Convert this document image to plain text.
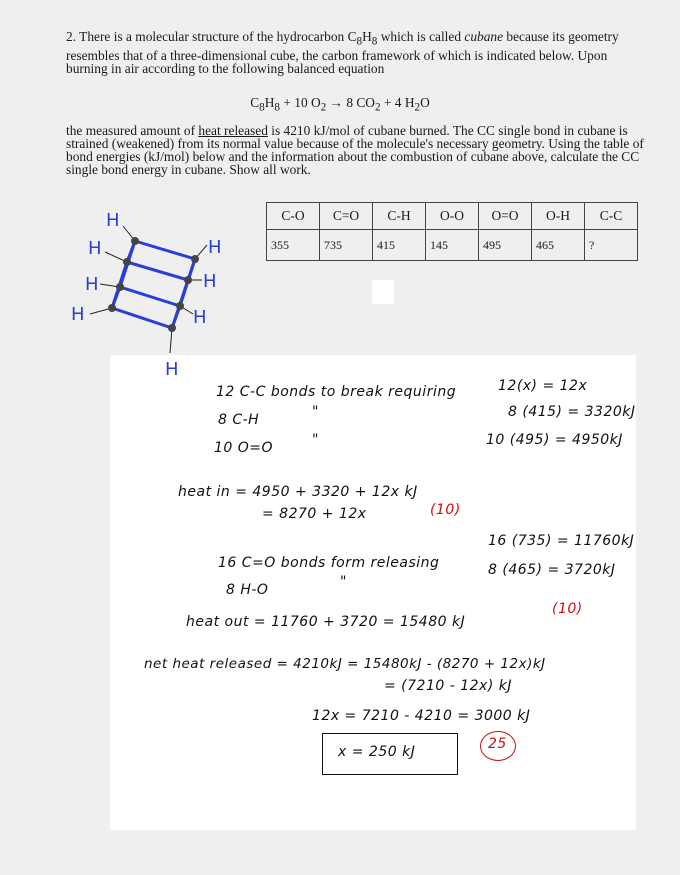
2. There is a molecular structure of the hydrocarbon $C_8H_8$ which is called cubane because its geometry resembles that of a three-dimensional cube, the carbon framework of which is indicated below. Upon burning in air according to the following balanced equation
$C_8H_8 + 10$ $O_2 \to 8$ $CO_2 + 4$ $H_2O$
the measured amount of heat released is 4210 kJ/mol of cubane burned. The CC single bond in cubane is strained (weakened) from its normal value because of the molecule's necessary geometry. Using the table of bond energies (kJ/mol) below and the information about the combustion of cubane above, calculate the CC single bond energy in cubane. Show all work.
C-O	C=O	C-H	O-O	O=O	O-H	C-C
355	735	415	145	495	465	?
H
H	H
H
H
H	H
H
12 C-C bonds to break requiring	12(x) = 12x
8 C-H	"	8 (415) = 3320kJ
10 O=O	"	10 (495) = 4950kJ
heat in = 4950 + 3320 + 12x kJ
= 8270 + 12x	(10)
16 C=O bonds form releasing
16 (735) = 11760kJ
8 H-O	"
8 (465) = 3720kJ
heat out = 11760 + 3720 = 15480 kJ
(10)
net heat released = 4210kJ = 15480kJ - (8270 + 12x)kJ
= (7210 - 12x) kJ
12x = 7210 - 4210 = 3000 kJ
x = 250 kJ	25
